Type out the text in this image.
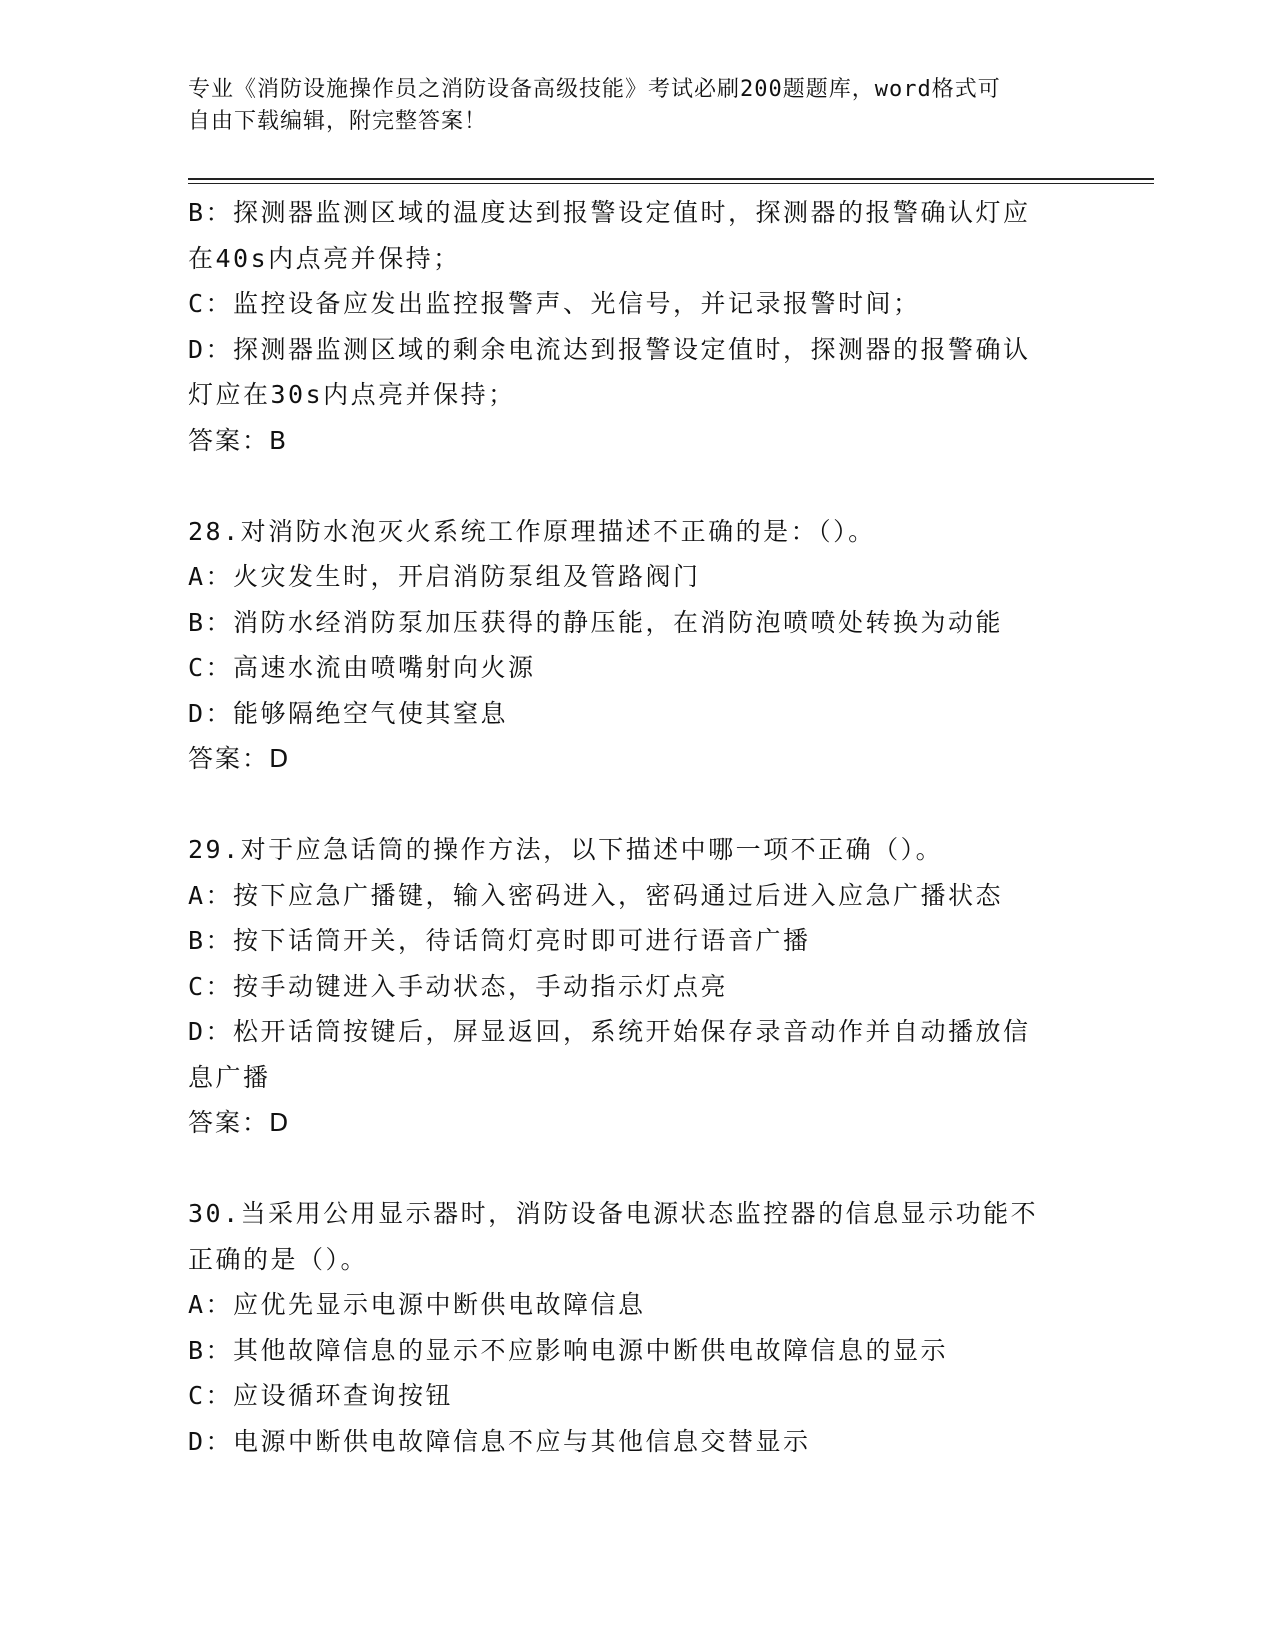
专业《消防设施操作员之消防设备高级技能》考试必刷200题题库，word格式可
自由下载编辑，附完整答案！
B：探测器监测区域的温度达到报警设定值时，探测器的报警确认灯应
在40s内点亮并保持；
C：监控设备应发出监控报警声、光信号，并记录报警时间；
D：探测器监测区域的剩余电流达到报警设定值时，探测器的报警确认
灯应在30s内点亮并保持；
答案：B
28.对消防水泡灭火系统工作原理描述不正确的是：（）。
A：火灾发生时，开启消防泵组及管路阀门
B：消防水经消防泵加压获得的静压能，在消防泡喷喷处转换为动能
C：高速水流由喷嘴射向火源
D：能够隔绝空气使其窒息
答案：D
29.对于应急话筒的操作方法，以下描述中哪一项不正确（）。
A：按下应急广播键，输入密码进入，密码通过后进入应急广播状态
B：按下话筒开关，待话筒灯亮时即可进行语音广播
C：按手动键进入手动状态，手动指示灯点亮
D：松开话筒按键后，屏显返回，系统开始保存录音动作并自动播放信
息广播
答案：D
30.当采用公用显示器时，消防设备电源状态监控器的信息显示功能不
正确的是（）。
A：应优先显示电源中断供电故障信息
B：其他故障信息的显示不应影响电源中断供电故障信息的显示
C：应设循环查询按钮
D：电源中断供电故障信息不应与其他信息交替显示
